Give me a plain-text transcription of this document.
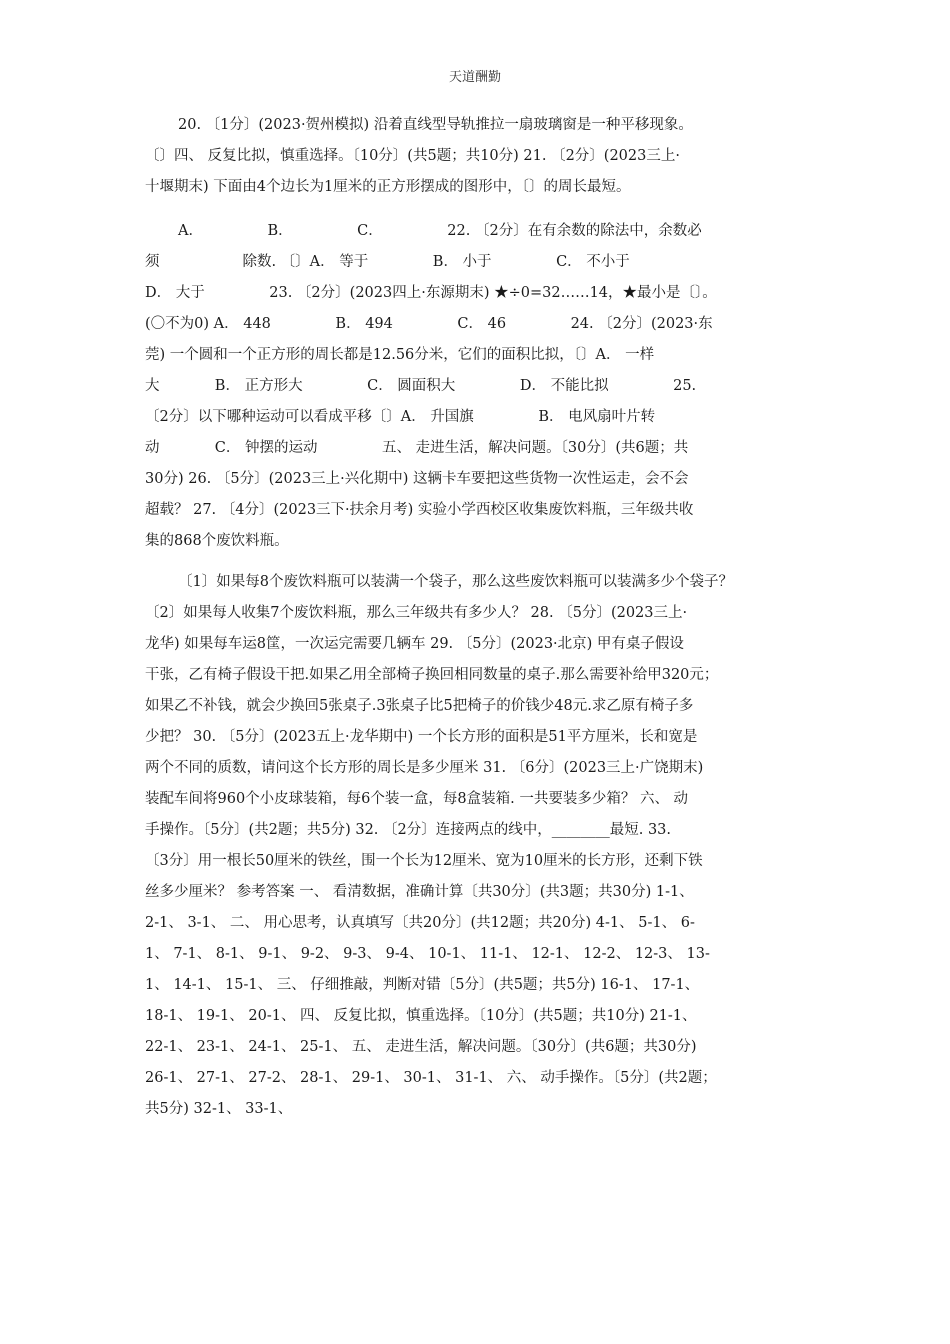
天道酬勤
20. 〔1分〕(2023·贺州模拟) 沿着直线型导轨推拉一扇玻璃窗是一种平移现象。
〔〕四、 反复比拟，慎重选择。〔10分〕(共5题；共10分) 21. 〔2分〕(2023三上·
十堰期末) 下面由4个边长为1厘米的正方形摆成的图形中，〔〕的周长最短。
A．              B．              C．              22. 〔2分〕在有余数的除法中，余数必
须                  除数. 〔〕A． 等于              B． 小于              C． 不小于
D． 大于              23. 〔2分〕(2023四上·东源期末) ★÷0=32……14，★最小是〔〕。
(〇不为0) A． 448              B． 494              C． 46              24. 〔2分〕(2023·东
莞) 一个圆和一个正方形的周长都是12.56分米，它们的面积比拟，〔〕A． 一样
大            B． 正方形大              C． 圆面积大              D． 不能比拟              25.
〔2分〕以下哪种运动可以看成平移〔〕A． 升国旗              B． 电风扇叶片转
动            C． 钟摆的运动              五、 走进生活，解决问题。〔30分〕(共6题；共
30分) 26. 〔5分〕(2023三上·兴化期中) 这辆卡车要把这些货物一次性运走，会不会
超载？ 27. 〔4分〕(2023三下·扶余月考) 实验小学西校区收集废饮料瓶，三年级共收
集的868个废饮料瓶。
〔1〕如果每8个废饮料瓶可以装满一个袋子，那么这些废饮料瓶可以装满多少个袋子？
〔2〕如果每人收集7个废饮料瓶，那么三年级共有多少人？ 28. 〔5分〕(2023三上·
龙华) 如果每车运8筐，一次运完需要几辆车 29. 〔5分〕(2023·北京) 甲有桌子假设
干张，乙有椅子假设干把.如果乙用全部椅子换回相同数量的桌子.那么需要补给甲320元；
如果乙不补钱，就会少换回5张桌子.3张桌子比5把椅子的价钱少48元.求乙原有椅子多
少把？ 30. 〔5分〕(2023五上·龙华期中) 一个长方形的面积是51平方厘米，长和宽是
两个不同的质数，请问这个长方形的周长是多少厘米 31. 〔6分〕(2023三上·广饶期末)
装配车间将960个小皮球装箱，每6个装一盒，每8盒装箱. 一共要装多少箱？ 六、 动
手操作。〔5分〕(共2题；共5分) 32. 〔2分〕连接两点的线中，________最短. 33.
〔3分〕用一根长50厘米的铁丝，围一个长为12厘米、宽为10厘米的长方形，还剩下铁
丝多少厘米？ 参考答案 一、 看清数据，准确计算〔共30分〕(共3题；共30分) 1-1、
2-1、 3-1、 二、 用心思考，认真填写〔共20分〕(共12题；共20分) 4-1、 5-1、 6-
1、 7-1、 8-1、 9-1、 9-2、 9-3、 9-4、 10-1、 11-1、 12-1、 12-2、 12-3、 13-
1、 14-1、 15-1、 三、 仔细推敲，判断对错〔5分〕(共5题；共5分) 16-1、 17-1、
18-1、 19-1、 20-1、 四、 反复比拟，慎重选择。〔10分〕(共5题；共10分) 21-1、
22-1、 23-1、 24-1、 25-1、 五、 走进生活，解决问题。〔30分〕(共6题；共30分)
26-1、 27-1、 27-2、 28-1、 29-1、 30-1、 31-1、 六、 动手操作。〔5分〕(共2题；
共5分) 32-1、 33-1、
